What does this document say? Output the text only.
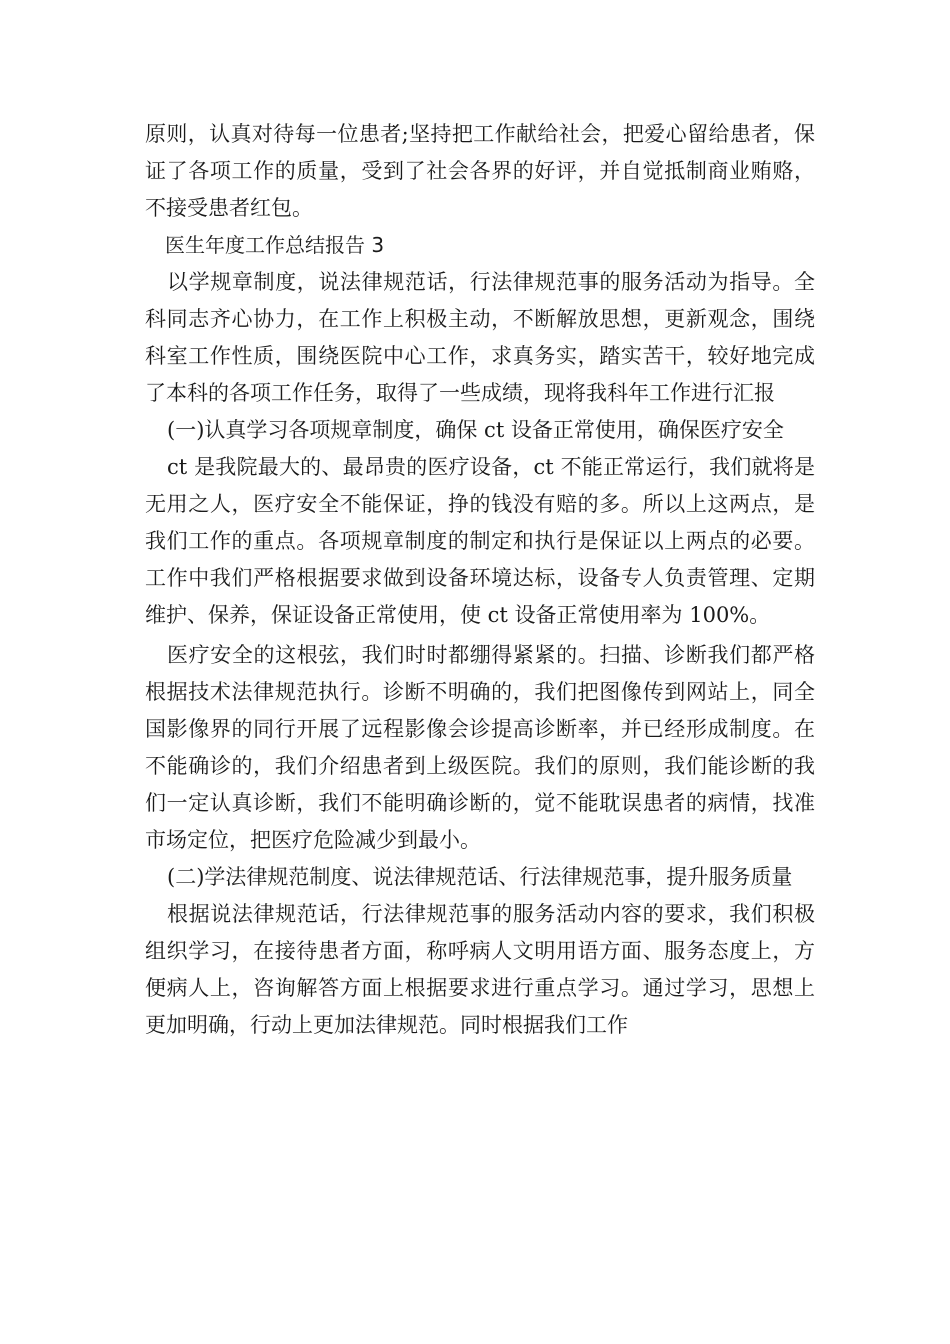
原则，认真对待每一位患者;坚持把工作献给社会，把爱心留给患者，保证了各项工作的质量，受到了社会各界的好评，并自觉抵制商业贿赂，不接受患者红包。

医生年度工作总结报告 3

以学规章制度，说法律规范话，行法律规范事的服务活动为指导。全科同志齐心协力，在工作上积极主动，不断解放思想，更新观念，围绕科室工作性质，围绕医院中心工作，求真务实，踏实苦干，较好地完成了本科的各项工作任务，取得了一些成绩，现将我科年工作进行汇报

(一)认真学习各项规章制度，确保 ct 设备正常使用，确保医疗安全

ct 是我院最大的、最昂贵的医疗设备，ct 不能正常运行，我们就将是无用之人，医疗安全不能保证，挣的钱没有赔的多。所以上这两点，是我们工作的重点。各项规章制度的制定和执行是保证以上两点的必要。工作中我们严格根据要求做到设备环境达标，设备专人负责管理、定期维护、保养，保证设备正常使用，使 ct 设备正常使用率为 100%。

医疗安全的这根弦，我们时时都绷得紧紧的。扫描、诊断我们都严格根据技术法律规范执行。诊断不明确的，我们把图像传到网站上，同全国影像界的同行开展了远程影像会诊提高诊断率，并已经形成制度。在不能确诊的，我们介绍患者到上级医院。我们的原则，我们能诊断的我们一定认真诊断，我们不能明确诊断的，觉不能耽误患者的病情，找准市场定位，把医疗危险减少到最小。

(二)学法律规范制度、说法律规范话、行法律规范事，提升服务质量

根据说法律规范话，行法律规范事的服务活动内容的要求，我们积极组织学习，在接待患者方面，称呼病人文明用语方面、服务态度上，方便病人上，咨询解答方面上根据要求进行重点学习。通过学习，思想上更加明确，行动上更加法律规范。同时根据我们工作
